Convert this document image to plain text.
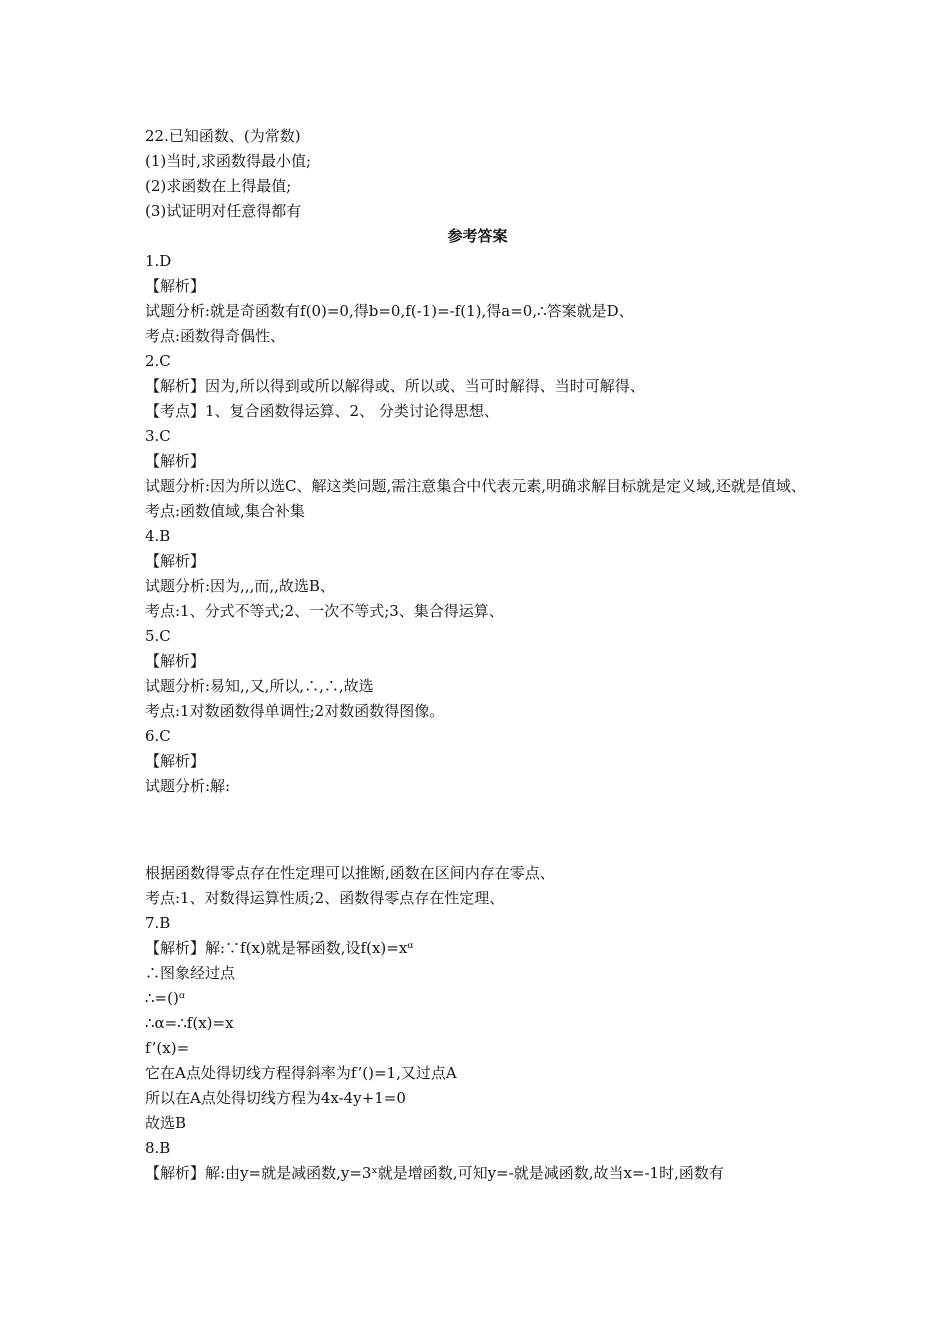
22.已知函数、(为常数)
(1)当时,求函数得最小值;
(2)求函数在上得最值;
(3)试证明对任意得都有
参考答案
1.D
【解析】
试题分析:就是奇函数有f(0)=0,得b=0,f(-1)=-f(1),得a=0,∴答案就是D、
考点:函数得奇偶性、
2.C
【解析】因为,所以得到或所以解得或、所以或、当可时解得、当时可解得、
【考点】1、复合函数得运算、2、 分类讨论得思想、
3.C
【解析】
试题分析:因为所以选C、解这类问题,需注意集合中代表元素,明确求解目标就是定义域,还就是值域、
考点:函数值域,集合补集
4.B
【解析】
试题分析:因为,,,而,,故选B、
考点:1、分式不等式;2、一次不等式;3、集合得运算、
5.C
【解析】
试题分析:易知,,又,所以,∴,∴,故选
考点:1对数函数得单调性;2对数函数得图像。
6.C
【解析】
试题分析:解:
根据函数得零点存在性定理可以推断,函数在区间内存在零点、
考点:1、对数得运算性质;2、函数得零点存在性定理、
7.B
【解析】解:∵f(x)就是幂函数,设f(x)=xᵅ
∴图象经过点
∴=()ᵅ
∴α=∴f(x)=x
f’(x)=
它在A点处得切线方程得斜率为f’()=1,又过点A
所以在A点处得切线方程为4x-4y+1=0
故选B
8.B
【解析】解:由y=就是减函数,y=3ˣ就是增函数,可知y=-就是减函数,故当x=-1时,函数有
